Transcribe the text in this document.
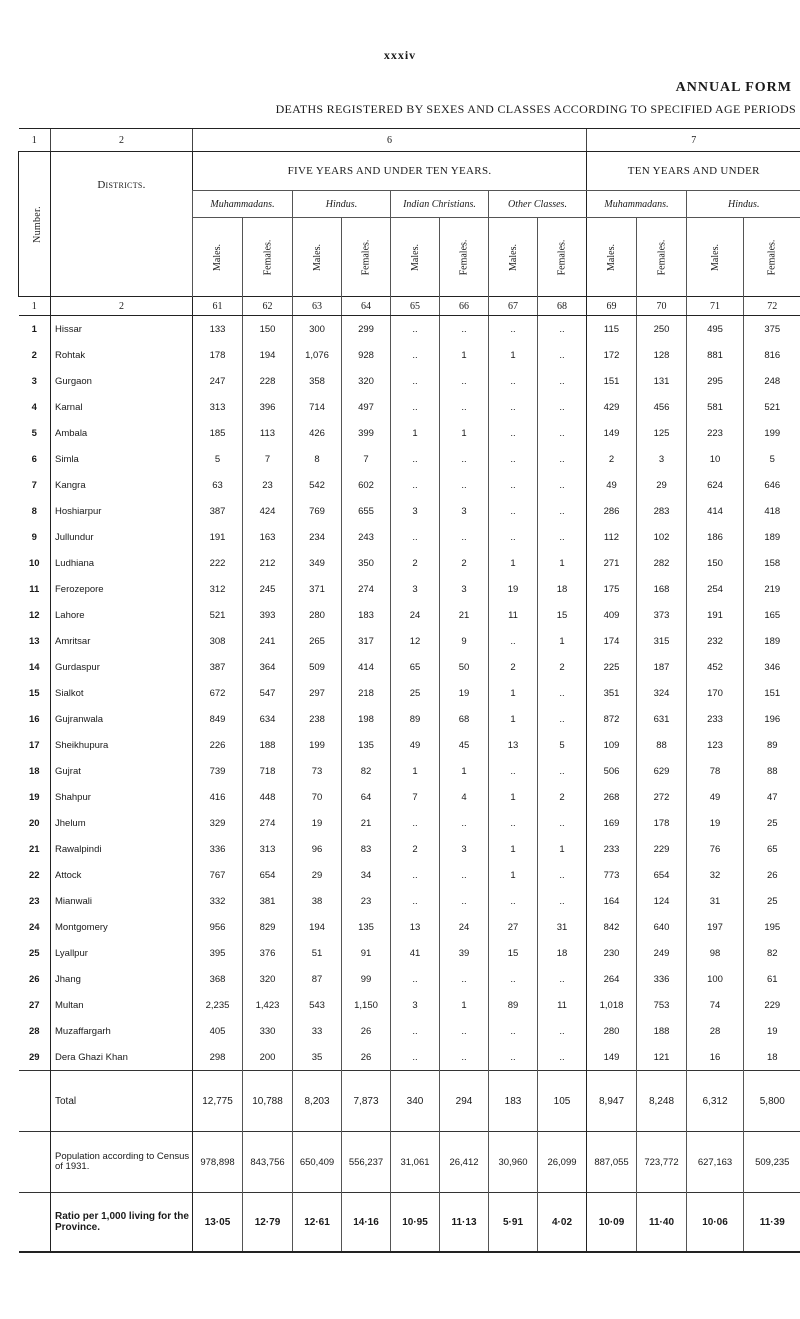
xxxiv
ANNUAL FORM
DEATHS REGISTERED BY SEXES AND CLASSES ACCORDING TO SPECIFIED AGE PERIODS
1	2	6								7			
Number.	Districts.	FIVE YEARS AND UNDER TEN YEARS.								TEN YEARS AND UNDER			
		Muhammadans.		Hindus.		Indian Christians.		Other Classes.		Muhammadans.		Hindus.	
		Males.	Females.	Males.	Females.	Males.	Females.	Males.	Females.	Males.	Females.	Males.	Females.
1	2	61	62	63	64	65	66	67	68	69	70	71	72
1	Hissar	133	150	300	299	..	..	..	..	115	250	495	375
2	Rohtak	178	194	1,076	928	..	1	1	..	172	128	881	816
3	Gurgaon	247	228	358	320	..	..	..	..	151	131	295	248
4	Karnal	313	396	714	497	..	..	..	..	429	456	581	521
5	Ambala	185	113	426	399	1	1	..	..	149	125	223	199
6	Simla	5	7	8	7	..	..	..	..	2	3	10	5
7	Kangra	63	23	542	602	..	..	..	..	49	29	624	646
8	Hoshiarpur	387	424	769	655	3	3	..	..	286	283	414	418
9	Jullundur	191	163	234	243	..	..	..	..	112	102	186	189
10	Ludhiana	222	212	349	350	2	2	1	1	271	282	150	158
11	Ferozepore	312	245	371	274	3	3	19	18	175	168	254	219
12	Lahore	521	393	280	183	24	21	11	15	409	373	191	165
13	Amritsar	308	241	265	317	12	9	..	1	174	315	232	189
14	Gurdaspur	387	364	509	414	65	50	2	2	225	187	452	346
15	Sialkot	672	547	297	218	25	19	1	..	351	324	170	151
16	Gujranwala	849	634	238	198	89	68	1	..	872	631	233	196
17	Sheikhupura	226	188	199	135	49	45	13	5	109	88	123	89
18	Gujrat	739	718	73	82	1	1	..	..	506	629	78	88
19	Shahpur	416	448	70	64	7	4	1	2	268	272	49	47
20	Jhelum	329	274	19	21	..	..	..	..	169	178	19	25
21	Rawalpindi	336	313	96	83	2	3	1	1	233	229	76	65
22	Attock	767	654	29	34	..	..	1	..	773	654	32	26
23	Mianwali	332	381	38	23	..	..	..	..	164	124	31	25
24	Montgomery	956	829	194	135	13	24	27	31	842	640	197	195
25	Lyallpur	395	376	51	91	41	39	15	18	230	249	98	82
26	Jhang	368	320	87	99	..	..	..	..	264	336	100	61
27	Multan	2,235	1,423	543	1,150	3	1	89	11	1,018	753	74	229
28	Muzaffargarh	405	330	33	26	..	..	..	..	280	188	28	19
29	Dera Ghazi Khan	298	200	35	26	..	..	..	..	149	121	16	18
	Total	12,775	10,788	8,203	7,873	340	294	183	105	8,947	8,248	6,312	5,800
	Population according to Census of 1931.	978,898	843,756	650,409	556,237	31,061	26,412	30,960	26,099	887,055	723,772	627,163	509,235
	Ratio per 1,000 living for the Province.	13·05	12·79	12·61	14·16	10·95	11·13	5·91	4·02	10·09	11·40	10·06	11·39
